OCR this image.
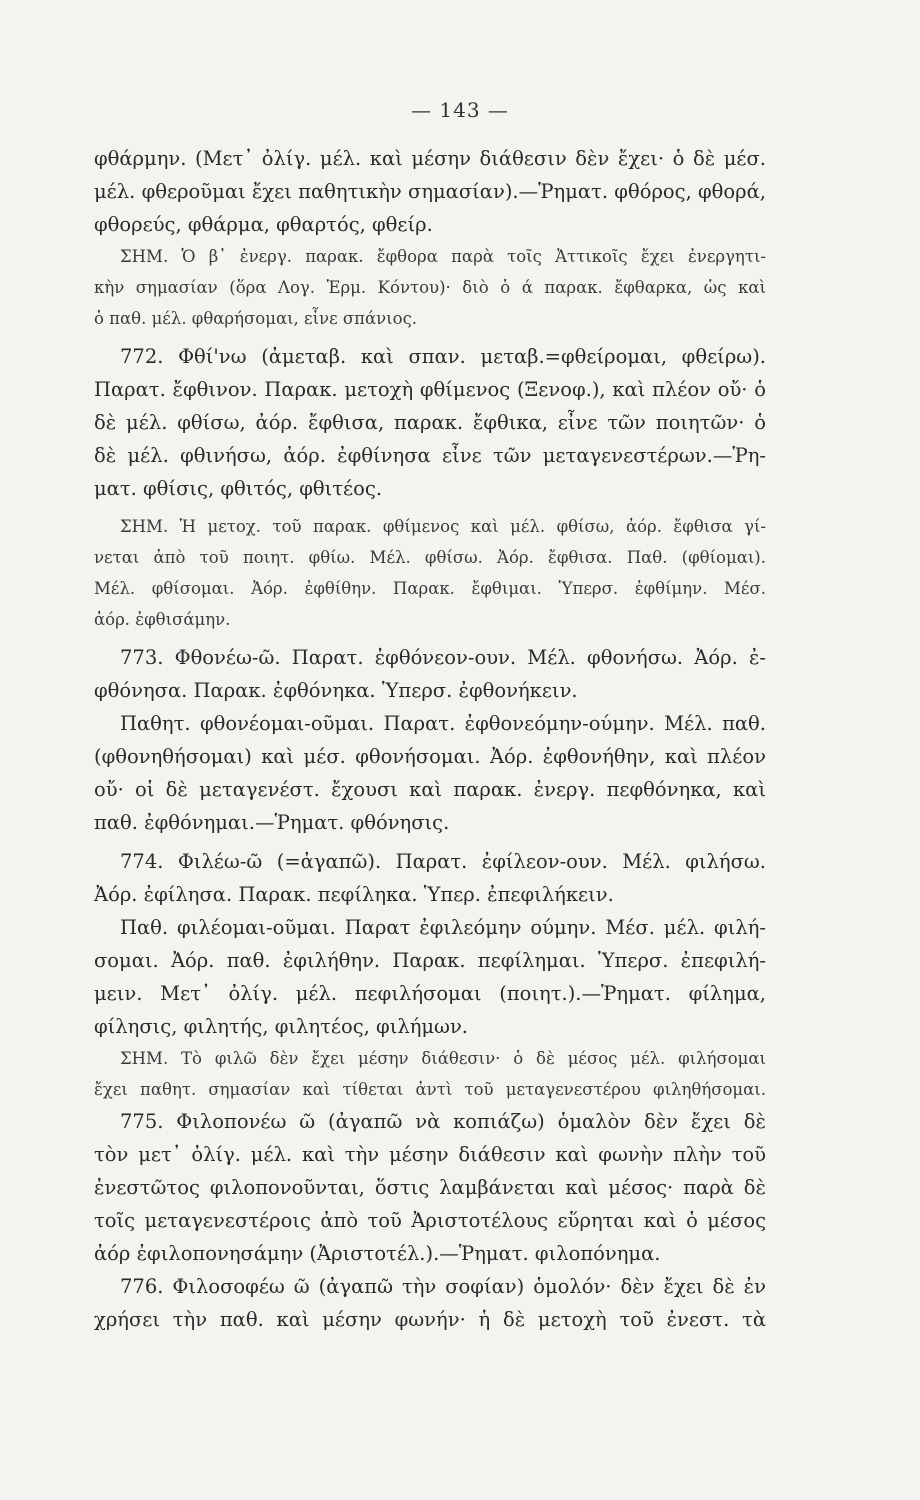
— 143 —
φθάρμην. (Μετ᾽ ὀλίγ. μέλ. καὶ μέσην διάθεσιν δὲν ἔχει· ὁ δὲ μέσ.
μέλ. φθεροῦμαι ἔχει παθητικὴν σημασίαν).—Ῥηματ. φθόρος, φθορά,
φθορεύς, φθάρμα, φθαρτός, φθείρ.
ΣΗΜ. Ὁ β᾽ ἐνεργ. παρακ. ἔφθορα παρὰ τοῖς Ἀττικοῖς ἔχει ἐνεργητι-
κὴν σημασίαν (ὅρα Λογ. Ἑρμ. Κόντου)· διὸ ὁ ά παρακ. ἔφθαρκα, ὡς καὶ
ὁ παθ. μέλ. φθαρήσομαι, εἶνε σπάνιος.
772. Φθί'νω (ἀμεταβ. καὶ σπαν. μεταβ.=φθείρομαι, φθείρω).
Παρατ. ἔφθινον. Παρακ. μετοχὴ φθίμενος (Ξενοφ.), καὶ πλέον οὔ· ὁ
δὲ μέλ. φθίσω, ἀόρ. ἔφθισα, παρακ. ἔφθικα, εἶνε τῶν ποιητῶν· ὁ
δὲ μέλ. φθινήσω, ἀόρ. ἐφθίνησα εἶνε τῶν μεταγενεστέρων.—Ῥη-
ματ. φθίσις, φθιτός, φθιτέος.
ΣΗΜ. Ἡ μετοχ. τοῦ παρακ. φθίμενος καὶ μέλ. φθίσω, ἀόρ. ἔφθισα γί-
νεται ἀπὸ τοῦ ποιητ. φθίω. Μέλ. φθίσω. Ἀόρ. ἔφθισα. Παθ. (φθίομαι).
Μέλ. φθίσομαι. Ἀόρ. ἐφθίθην. Παρακ. ἔφθιμαι. Ὑπερσ. ἐφθίμην. Μέσ.
ἀόρ. ἐφθισάμην.
773. Φθονέω-ῶ. Παρατ. ἐφθόνεον-ουν. Μέλ. φθονήσω. Ἀόρ. ἐ-
φθόνησα. Παρακ. ἐφθόνηκα. Ὑπερσ. ἐφθονήκειν.
Παθητ. φθονέομαι-οῦμαι. Παρατ. ἐφθονεόμην-ούμην. Μέλ. παθ.
(φθονηθήσομαι) καὶ μέσ. φθονήσομαι. Ἀόρ. ἐφθονήθην, καὶ πλέον
οὔ· οἱ δὲ μεταγενέστ. ἔχουσι καὶ παρακ. ἐνεργ. πεφθόνηκα, καὶ
παθ. ἐφθόνημαι.—Ῥηματ. φθόνησις.
774. Φιλέω-ῶ (=ἀγαπῶ). Παρατ. ἐφίλεον-ουν. Μέλ. φιλήσω.
Ἀόρ. ἐφίλησα. Παρακ. πεφίληκα. Ὑπερ. ἐπεφιλήκειν.
Παθ. φιλέομαι-οῦμαι. Παρατ ἐφιλεόμην ούμην. Μέσ. μέλ. φιλή-
σομαι. Ἀόρ. παθ. ἐφιλήθην. Παρακ. πεφίλημαι. Ὑπερσ. ἐπεφιλή-
μειν. Μετ᾽ ὀλίγ. μέλ. πεφιλήσομαι (ποιητ.).—Ῥηματ. φίλημα,
φίλησις, φιλητής, φιλητέος, φιλήμων.
ΣΗΜ. Τὸ φιλῶ δὲν ἔχει μέσην διάθεσιν· ὁ δὲ μέσος μέλ. φιλήσομαι
ἔχει παθητ. σημασίαν καὶ τίθεται ἀντὶ τοῦ μεταγενεστέρου φιληθήσομαι.
775. Φιλοπονέω ῶ (ἀγαπῶ νὰ κοπιάζω) ὁμαλὸν δὲν ἔχει δὲ
τὸν μετ᾽ ὀλίγ. μέλ. καὶ τὴν μέσην διάθεσιν καὶ φωνὴν πλὴν τοῦ
ἐνεστῶτος φιλοπονοῦνται, ὅστις λαμβάνεται καὶ μέσος· παρὰ δὲ
τοῖς μεταγενεστέροις ἀπὸ τοῦ Ἀριστοτέλους εὕρηται καὶ ὁ μέσος
ἀόρ ἐφιλοπονησάμην (Ἀριστοτέλ.).—Ῥηματ. φιλοπόνημα.
776. Φιλοσοφέω ῶ (ἀγαπῶ τὴν σοφίαν) ὁμολόν· δὲν ἔχει δὲ ἐν
χρήσει τὴν παθ. καὶ μέσην φωνήν· ἡ δὲ μετοχὴ τοῦ ἐνεστ. τὰ
